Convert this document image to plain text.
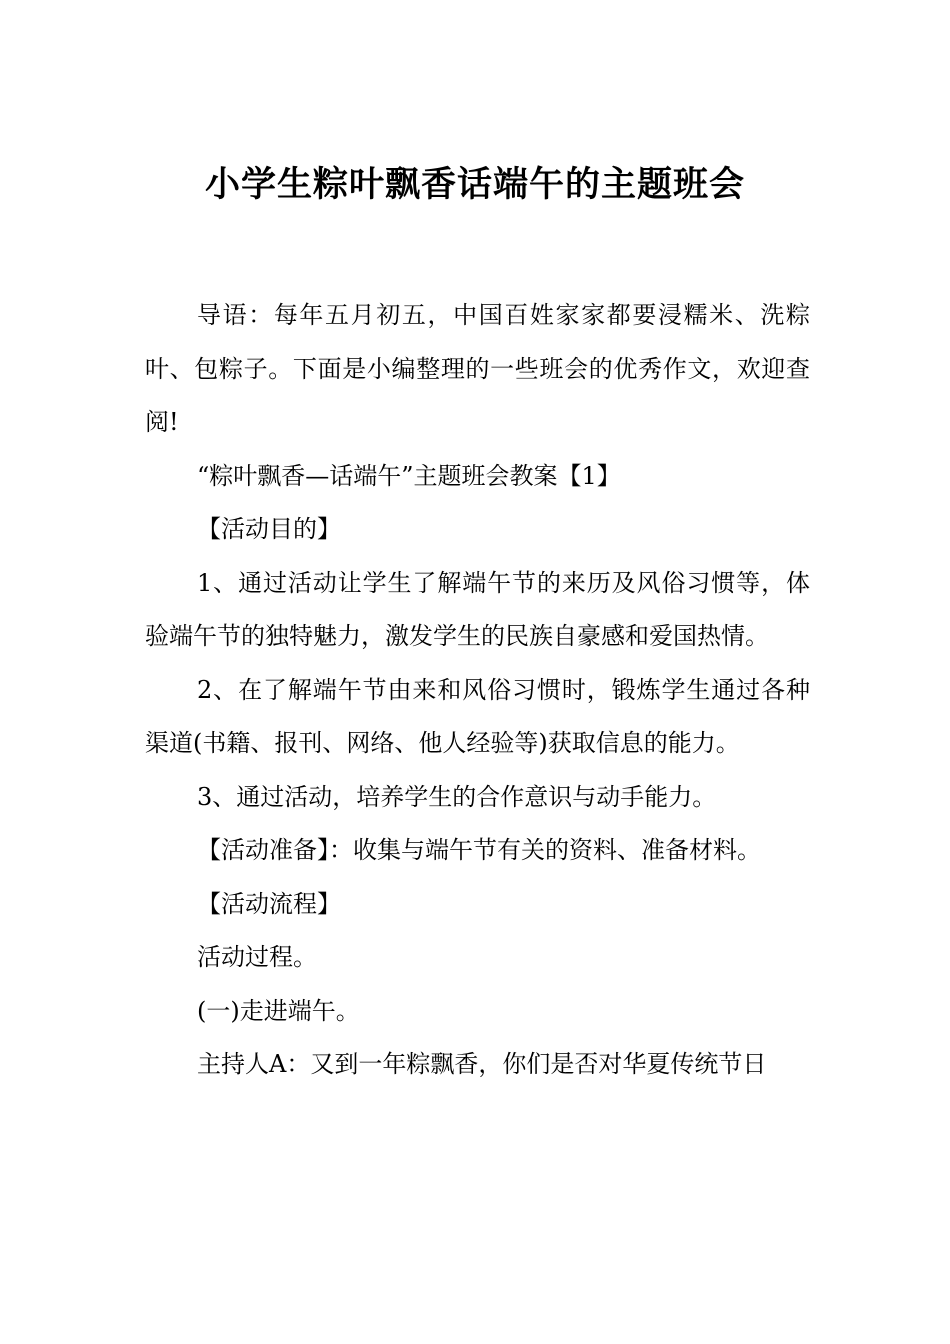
小学生粽叶飘香话端午的主题班会

导语：每年五月初五，中国百姓家家都要浸糯米、洗粽叶、包粽子。下面是小编整理的一些班会的优秀作文，欢迎查阅!

“粽叶飘香—话端午”主题班会教案【1】

【活动目的】

1、通过活动让学生了解端午节的来历及风俗习惯等，体验端午节的独特魅力，激发学生的民族自豪感和爱国热情。

2、在了解端午节由来和风俗习惯时，锻炼学生通过各种渠道(书籍、报刊、网络、他人经验等)获取信息的能力。

3、通过活动，培养学生的合作意识与动手能力。

【活动准备】：收集与端午节有关的资料、准备材料。

【活动流程】

活动过程。

(一)走进端午。

主持人A：又到一年粽飘香，你们是否对华夏传统节日
